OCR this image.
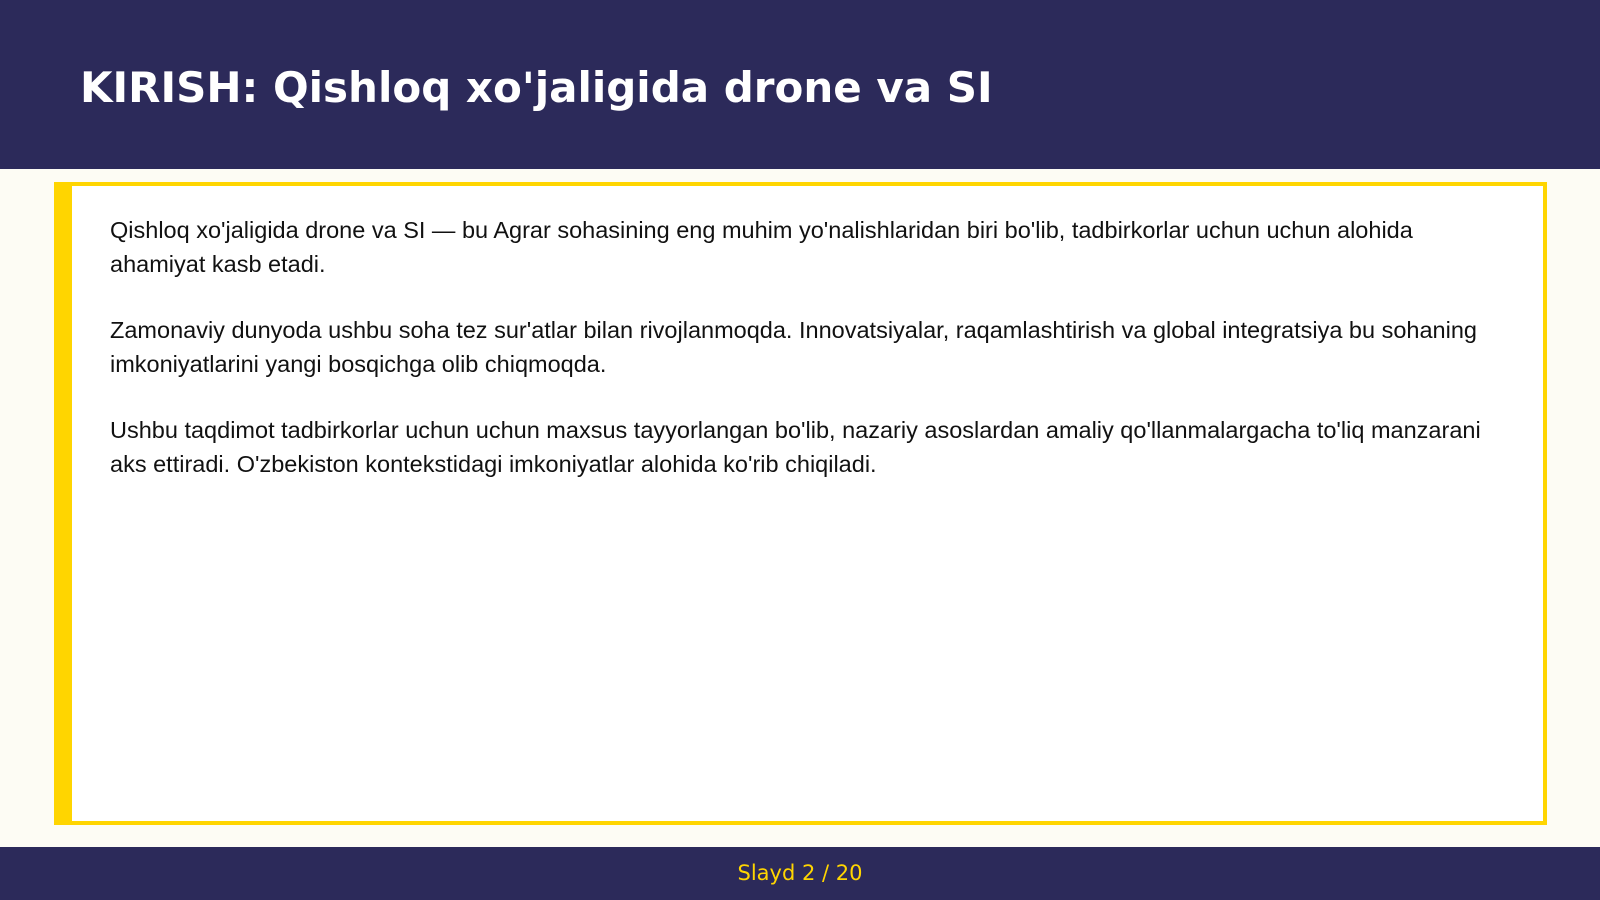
KIRISH: Qishloq xo'jaligida drone va SI

Qishloq xo'jaligida drone va SI — bu Agrar sohasining eng muhim yo'nalishlaridan biri bo'lib, tadbirkorlar uchun uchun alohida ahamiyat kasb etadi.

Zamonaviy dunyoda ushbu soha tez sur'atlar bilan rivojlanmoqda. Innovatsiyalar, raqamlashtirish va global integratsiya bu sohaning imkoniyatlarini yangi bosqichga olib chiqmoqda.

Ushbu taqdimot tadbirkorlar uchun uchun maxsus tayyorlangan bo'lib, nazariy asoslardan amaliy qo'llanmalargacha to'liq manzarani aks ettiradi. O'zbekiston kontekstidagi imkoniyatlar alohida ko'rib chiqiladi.

Slayd 2 / 20
